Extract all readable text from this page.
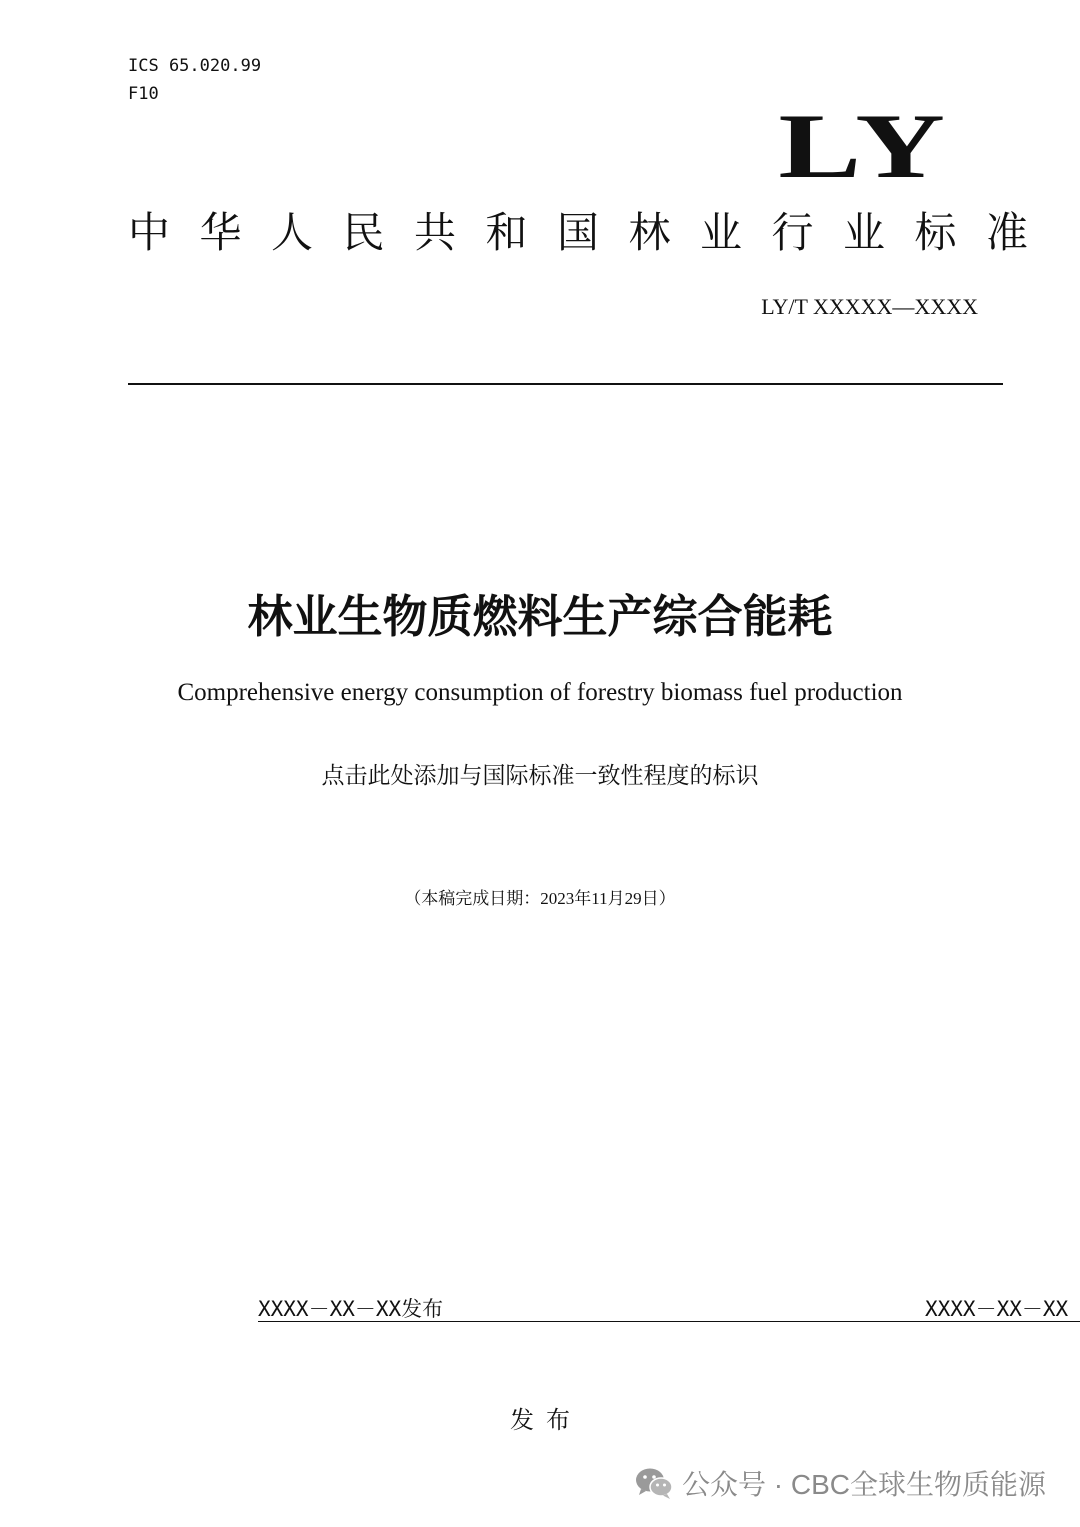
ICS 65.020.99
F10
LY
中华人民共和国林业行业标准
LY/T XXXXX—XXXX
林业生物质燃料生产综合能耗
Comprehensive energy consumption of forestry biomass fuel production
点击此处添加与国际标准一致性程度的标识
（本稿完成日期：2023年11月29日）
XXXX－XX－XX发布	XXXX－XX－XX
发布
公众号 · CBC全球生物质能源
